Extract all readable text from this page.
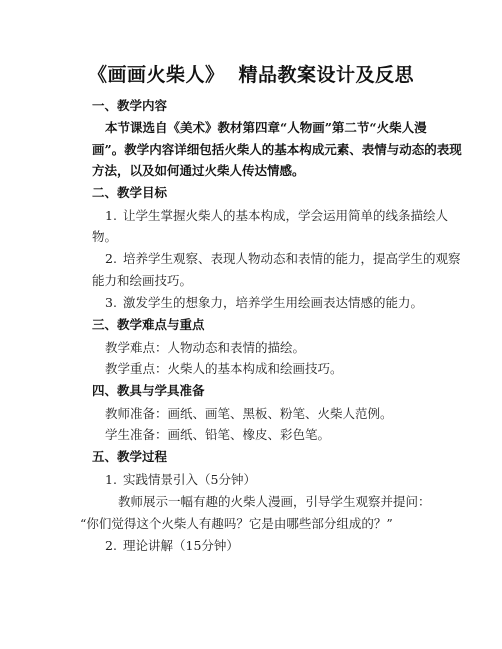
《画画火柴人》 精品教案设计及反思
一、教学内容
本节课选自《美术》教材第四章“人物画”第二节“火柴人漫
画”。教学内容详细包括火柴人的基本构成元素、表情与动态的表现
方法，以及如何通过火柴人传达情感。
二、教学目标
1. 让学生掌握火柴人的基本构成，学会运用简单的线条描绘人
物。
2. 培养学生观察、表现人物动态和表情的能力，提高学生的观察
能力和绘画技巧。
3. 激发学生的想象力，培养学生用绘画表达情感的能力。
三、教学难点与重点
教学难点：人物动态和表情的描绘。
教学重点：火柴人的基本构成和绘画技巧。
四、教具与学具准备
教师准备：画纸、画笔、黑板、粉笔、火柴人范例。
学生准备：画纸、铅笔、橡皮、彩色笔。
五、教学过程
1. 实践情景引入（5分钟）
教师展示一幅有趣的火柴人漫画，引导学生观察并提问：
“你们觉得这个火柴人有趣吗？它是由哪些部分组成的？”
2. 理论讲解（15分钟）
